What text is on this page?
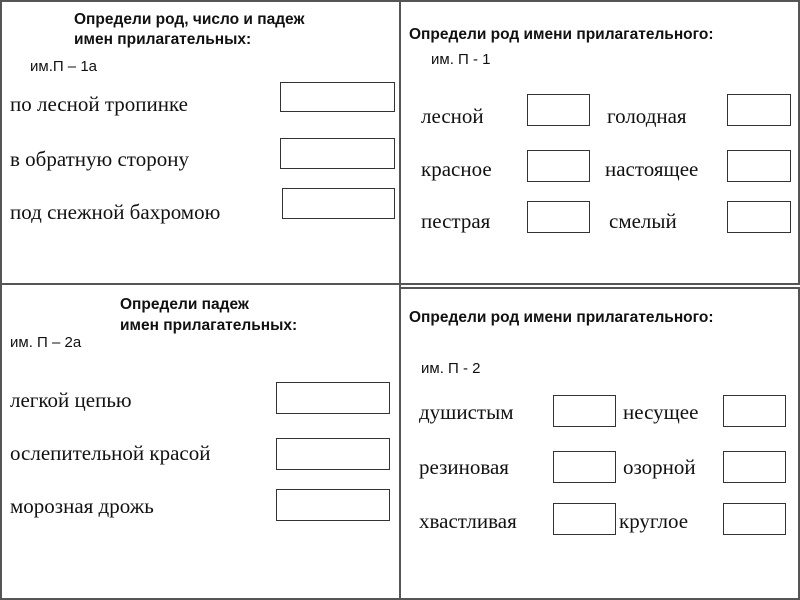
Определи род, число и падеж
имен прилагательных:
им.П – 1а
по лесной тропинке
в обратную сторону
под снежной бахромою
Определи род имени прилагательного:
им. П - 1
лесной	голодная
красное	настоящее
пестрая	смелый
Определи падеж
имен прилагательных:
им. П – 2а
легкой цепью
ослепительной красой
морозная дрожь
Определи род имени прилагательного:
им. П - 2
душистым	несущее
резиновая	озорной
хвастливая	круглое
